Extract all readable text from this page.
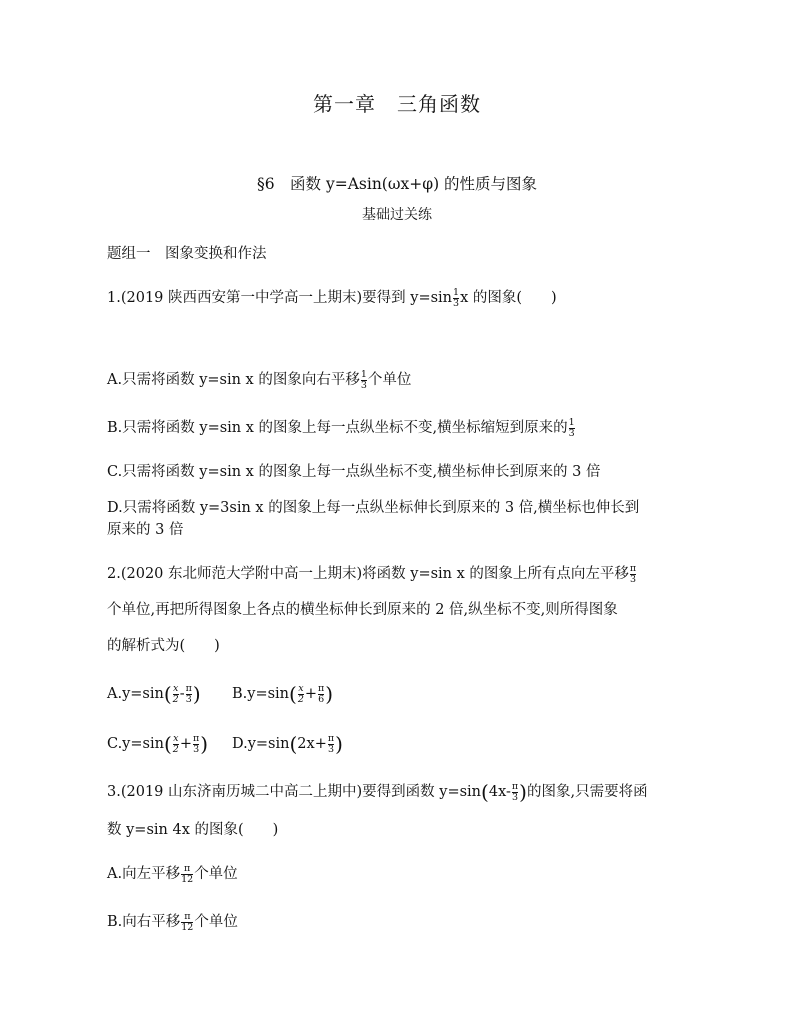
第一章　三角函数
§6　函数 y=Asin(ωx+φ) 的性质与图象
基础过关练
题组一　图象变换和作法
1.(2019 陕西西安第一中学高一上期末)要得到 $y=\sin \frac{1}{3}$ x 的图象(　　)
A.只需将函数 y=sin x 的图象向右平移 $\frac{1}{3}$ 个单位
B.只需将函数 y=sin x 的图象上每一点纵坐标不变,横坐标缩短到原来的 $\frac{1}{3}$
C.只需将函数 y=sin x 的图象上每一点纵坐标不变,横坐标伸长到原来的 3 倍
D.只需将函数 y=3sin x 的图象上每一点纵坐标伸长到原来的 3 倍,横坐标也伸长到
原来的 3 倍
2.(2020 东北师范大学附中高一上期末)将函数 y=sin x 的图象上所有点向左平移 $\frac{\pi}{3}$
个单位,再把所得图象上各点的横坐标伸长到原来的 2 倍,纵坐标不变,则所得图象
的解析式为(　　)
$A.y=\sin( \frac{x}{2} - \frac{\pi}{3}$ ) $B.y=\sin( \frac{x}{2} + \frac{\pi}{6}$ )
$C.y=\sin( \frac{x}{2} + \frac{\pi}{3}$ ) $D.y=\sin(2x+ \frac{\pi}{3}$ )
3.(2019 山东济南历城二中高二上期中)要得到函数 $y=\sin(4x- \frac{\pi}{3}$ )的图象,只需要将函
数 y=sin 4x 的图象(　　)
A.向左平移 $\frac{\pi}{12}$ 个单位
B.向右平移 $\frac{\pi}{12}$ 个单位
